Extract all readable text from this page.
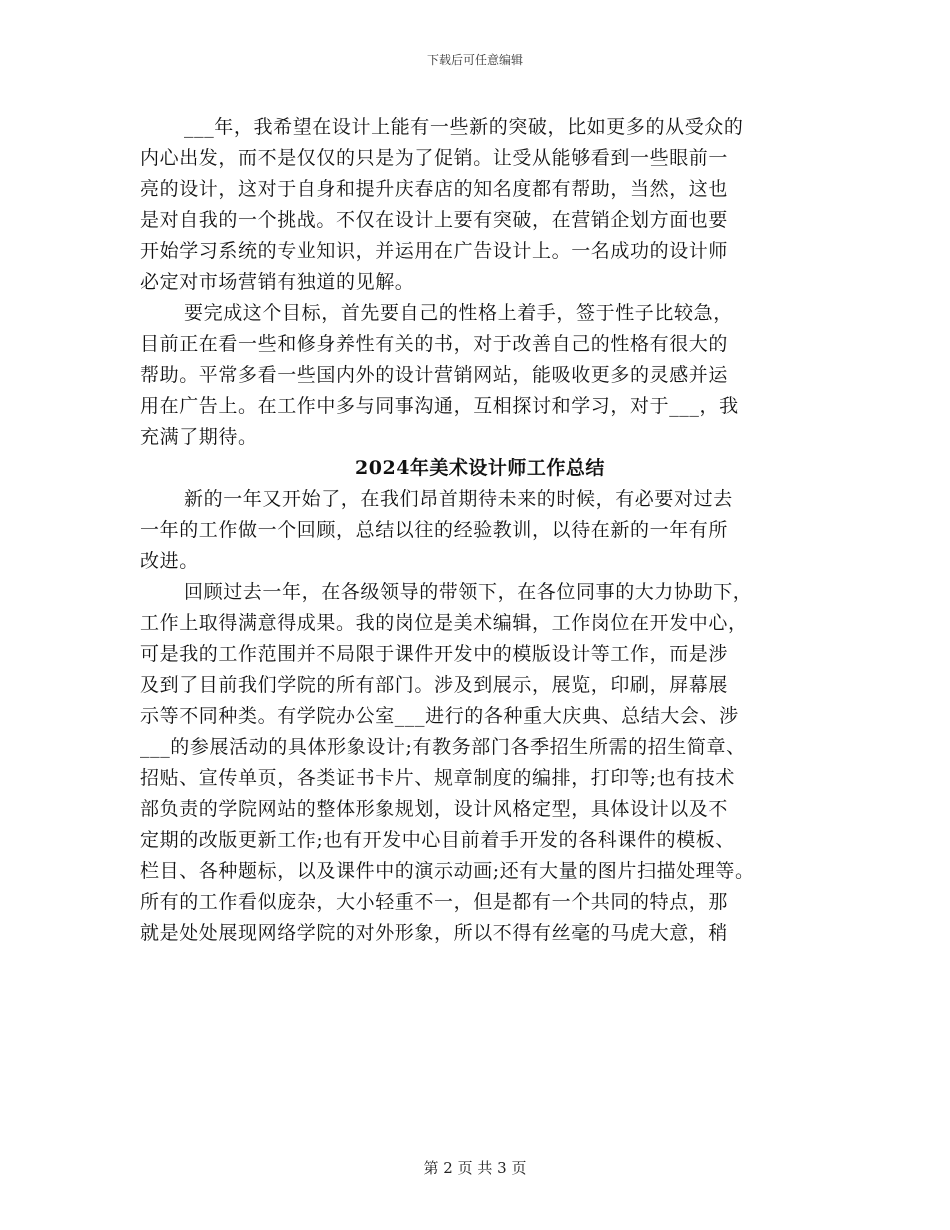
下载后可任意编辑
___年，我希望在设计上能有一些新的突破，比如更多的从受众的
内心出发，而不是仅仅的只是为了促销。让受从能够看到一些眼前一
亮的设计，这对于自身和提升庆春店的知名度都有帮助，当然，这也
是对自我的一个挑战。不仅在设计上要有突破，在营销企划方面也要
开始学习系统的专业知识，并运用在广告设计上。一名成功的设计师
必定对市场营销有独道的见解。
要完成这个目标，首先要自己的性格上着手，签于性子比较急，
目前正在看一些和修身养性有关的书，对于改善自己的性格有很大的
帮助。平常多看一些国内外的设计营销网站，能吸收更多的灵感并运
用在广告上。在工作中多与同事沟通，互相探讨和学习，对于___，我
充满了期待。
2024年美术设计师工作总结
新的一年又开始了，在我们昂首期待未来的时候，有必要对过去
一年的工作做一个回顾，总结以往的经验教训，以待在新的一年有所
改进。
回顾过去一年，在各级领导的带领下，在各位同事的大力协助下，
工作上取得满意得成果。我的岗位是美术编辑，工作岗位在开发中心，
可是我的工作范围并不局限于课件开发中的模版设计等工作，而是涉
及到了目前我们学院的所有部门。涉及到展示，展览，印刷，屏幕展
示等不同种类。有学院办公室___进行的各种重大庆典、总结大会、涉
___的参展活动的具体形象设计;有教务部门各季招生所需的招生简章、
招贴、宣传单页，各类证书卡片、规章制度的编排，打印等;也有技术
部负责的学院网站的整体形象规划，设计风格定型，具体设计以及不
定期的改版更新工作;也有开发中心目前着手开发的各科课件的模板、
栏目、各种题标，以及课件中的演示动画;还有大量的图片扫描处理等。
所有的工作看似庞杂，大小轻重不一，但是都有一个共同的特点，那
就是处处展现网络学院的对外形象，所以不得有丝毫的马虎大意，稍
第 2 页 共 3 页
